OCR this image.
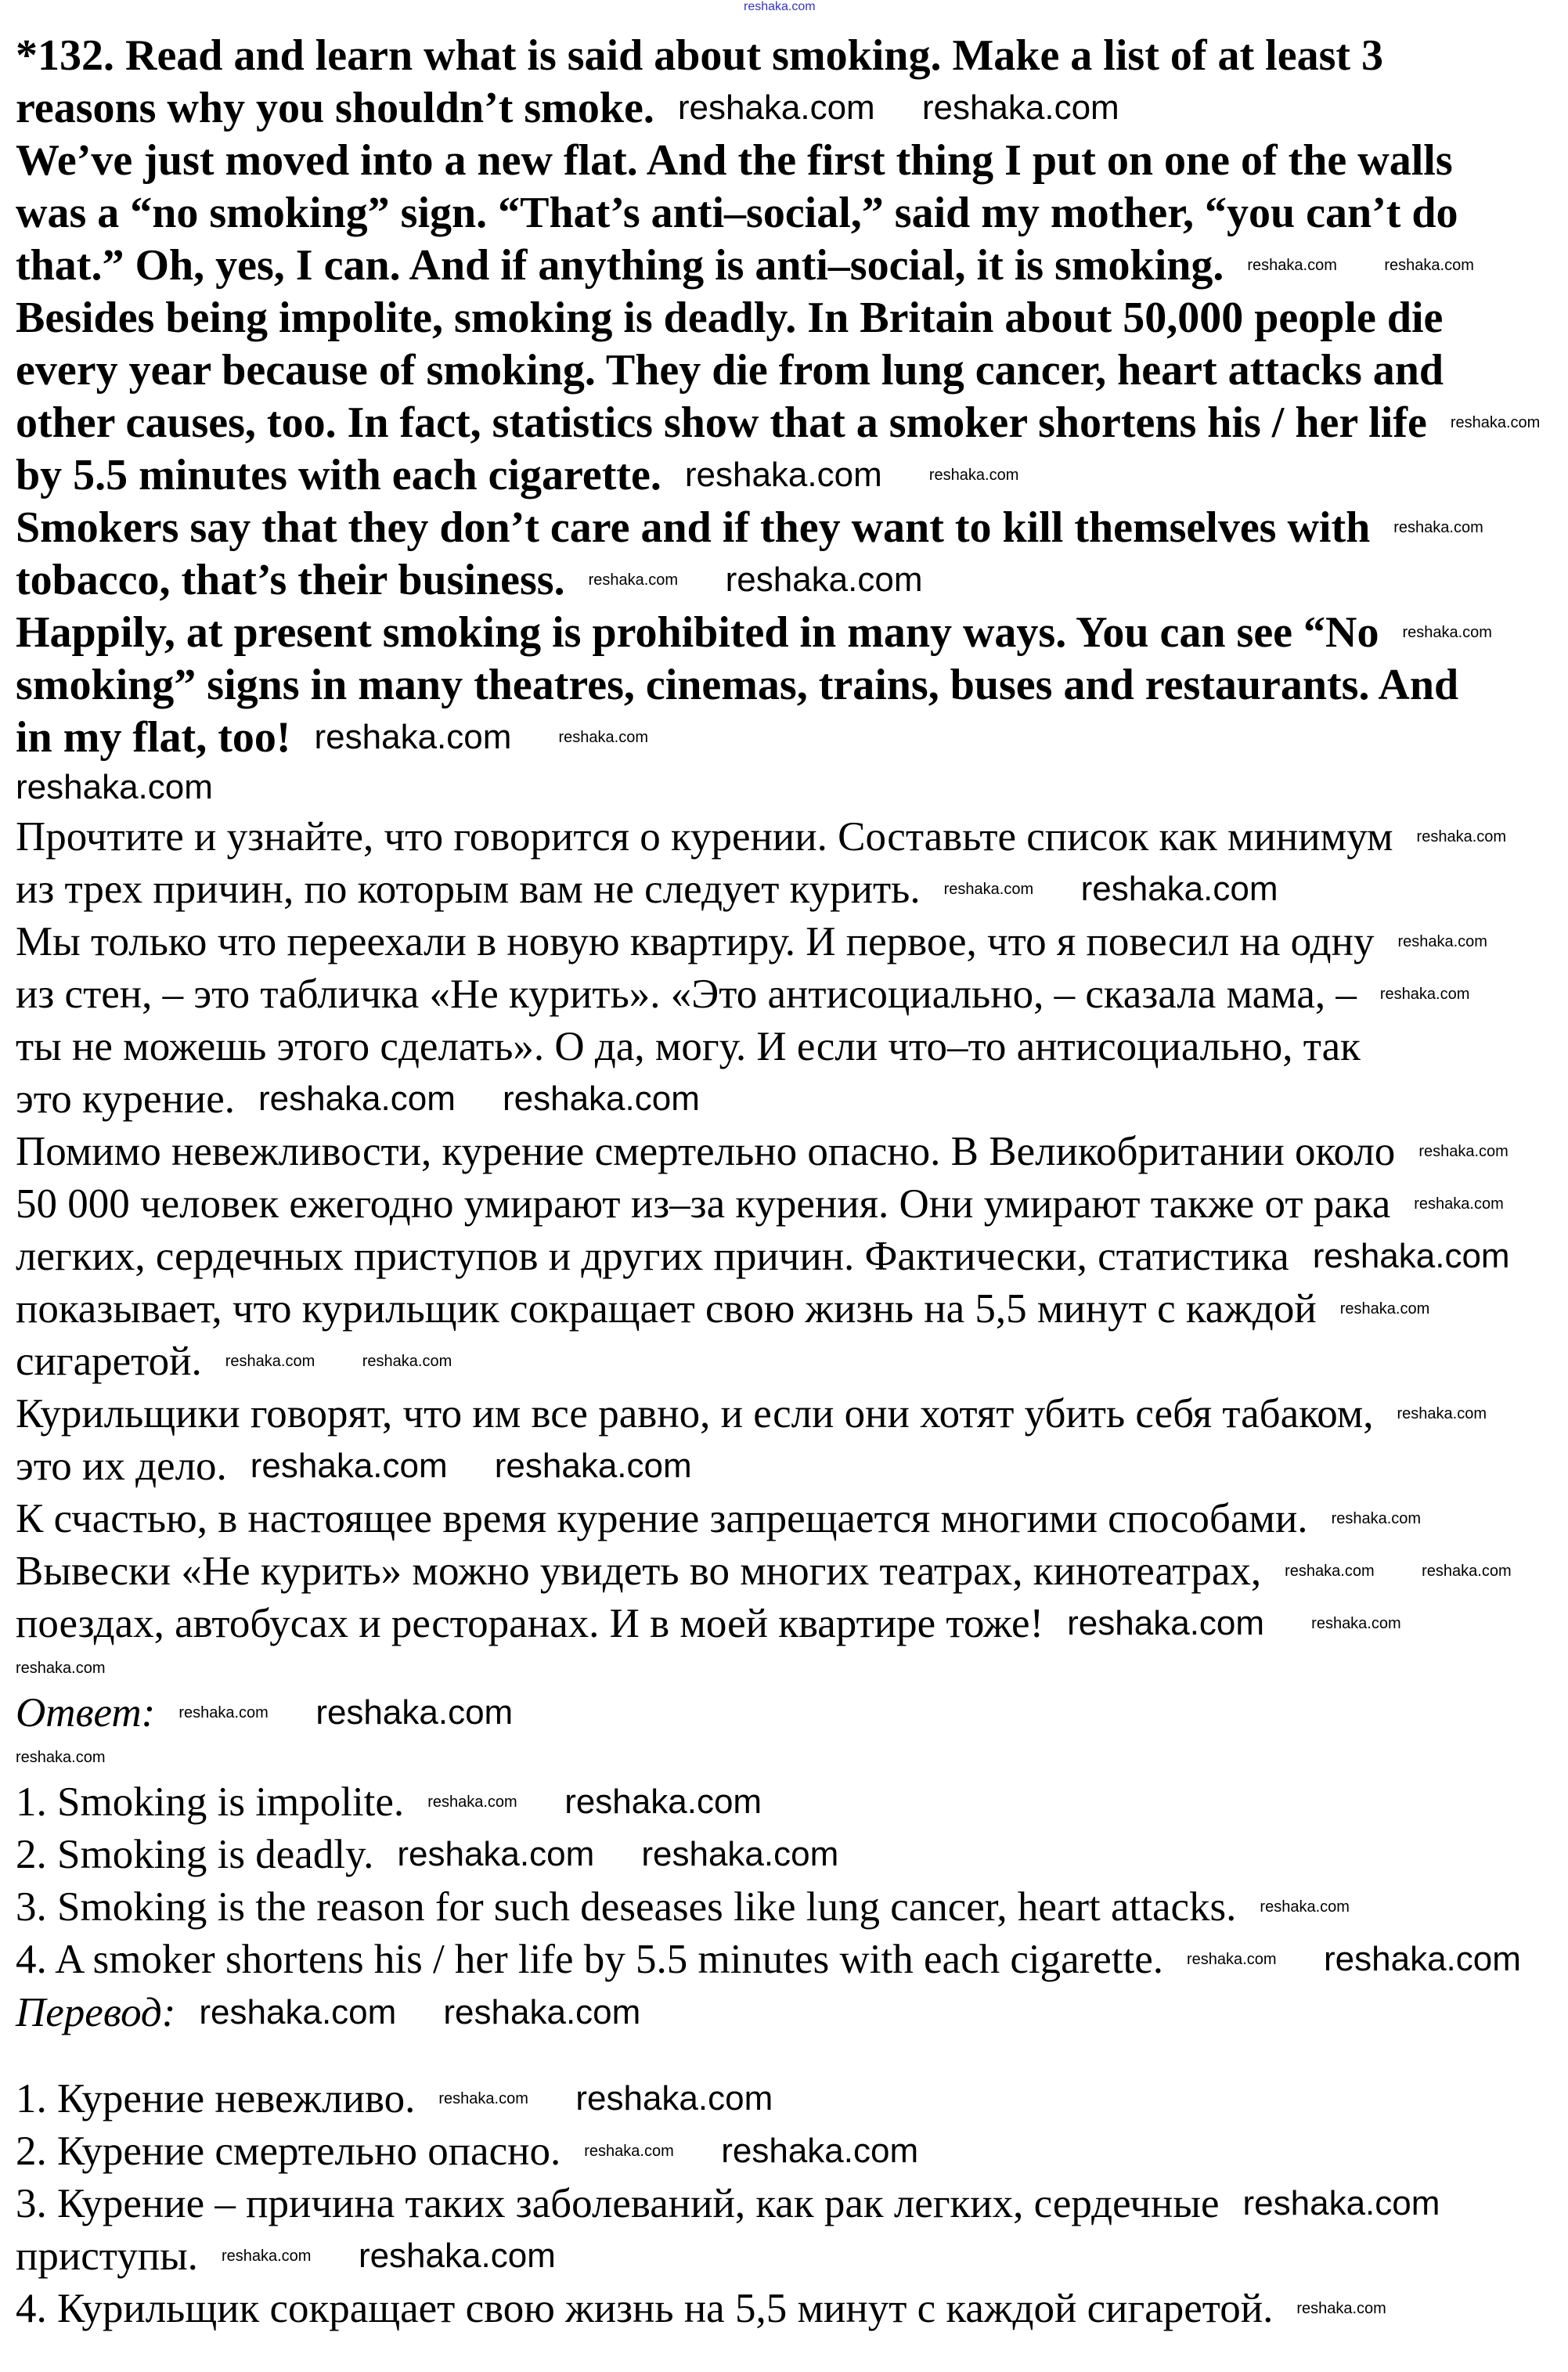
reshaka.com
*132. Read and learn what is said about smoking. Make a list of at least 3
reasons why you shouldn’t smoke.
We’ve just moved into a new flat. And the first thing I put on one of the walls
was a “no smoking” sign. “That’s anti–social,” said my mother, “you can’t do
that.” Oh, yes, I can. And if anything is anti–social, it is smoking.
Besides being impolite, smoking is deadly. In Britain about 50,000 people die
every year because of smoking. They die from lung cancer, heart attacks and
other causes, too. In fact, statistics show that a smoker shortens his / her life
by 5.5 minutes with each cigarette.
Smokers say that they don’t care and if they want to kill themselves with
tobacco, that’s their business.
Happily, at present smoking is prohibited in many ways. You can see “No
smoking” signs in many theatres, cinemas, trains, buses and restaurants. And
in my flat, too!
Прочтите и узнайте, что говорится о курении. Составьте список как минимум
из трех причин, по которым вам не следует курить.
Мы только что переехали в новую квартиру. И первое, что я повесил на одну
из стен, – это табличка «Не курить». «Это антисоциально, – сказала мама, –
ты не можешь этого сделать». О да, могу. И если что–то антисоциально, так
это курение.
Помимо невежливости, курение смертельно опасно. В Великобритании около
50 000 человек ежегодно умирают из–за курения. Они умирают также от рака
легких, сердечных приступов и других причин. Фактически, статистика
показывает, что курильщик сокращает свою жизнь на 5,5 минут с каждой
сигаретой.
Курильщики говорят, что им все равно, и если они хотят убить себя табаком,
это их дело.
К счастью, в настоящее время курение запрещается многими способами.
Вывески «Не курить» можно увидеть во многих театрах, кинотеатрах,
поездах, автобусах и ресторанах. И в моей квартире тоже!
Ответ:
1. Smoking is impolite.
2. Smoking is deadly.
3. Smoking is the reason for such deseases like lung cancer, heart attacks.
4. A smoker shortens his / her life by 5.5 minutes with each cigarette.
Перевод:
1. Курение невежливо.
2. Курение смертельно опасно.
3. Курение – причина таких заболеваний, как рак легких, сердечные
приступы.
4. Курильщик сокращает свою жизнь на 5,5 минут с каждой сигаретой.
reshaka.com
reshaka.com
reshaka.com
reshaka.com
reshaka.com
reshaka.com
reshaka.com
reshaka.com
reshaka.com
reshaka.com
reshaka.com
reshaka.com
reshaka.com
reshaka.com
reshaka.com
reshaka.com
reshaka.com
reshaka.com
reshaka.com
reshaka.com
reshaka.com
reshaka.com
reshaka.com
reshaka.com
reshaka.com
reshaka.com
reshaka.com
reshaka.com
reshaka.com
reshaka.com
reshaka.com
reshaka.com
reshaka.com
reshaka.com
reshaka.com
reshaka.com
reshaka.com
reshaka.com
reshaka.com
reshaka.com
reshaka.com
reshaka.com
reshaka.com
reshaka.com
reshaka.com
reshaka.com
reshaka.com
reshaka.com
reshaka.com
reshaka.com
reshaka.com
reshaka.com
reshaka.com
reshaka.com
reshaka.com
reshaka.com
